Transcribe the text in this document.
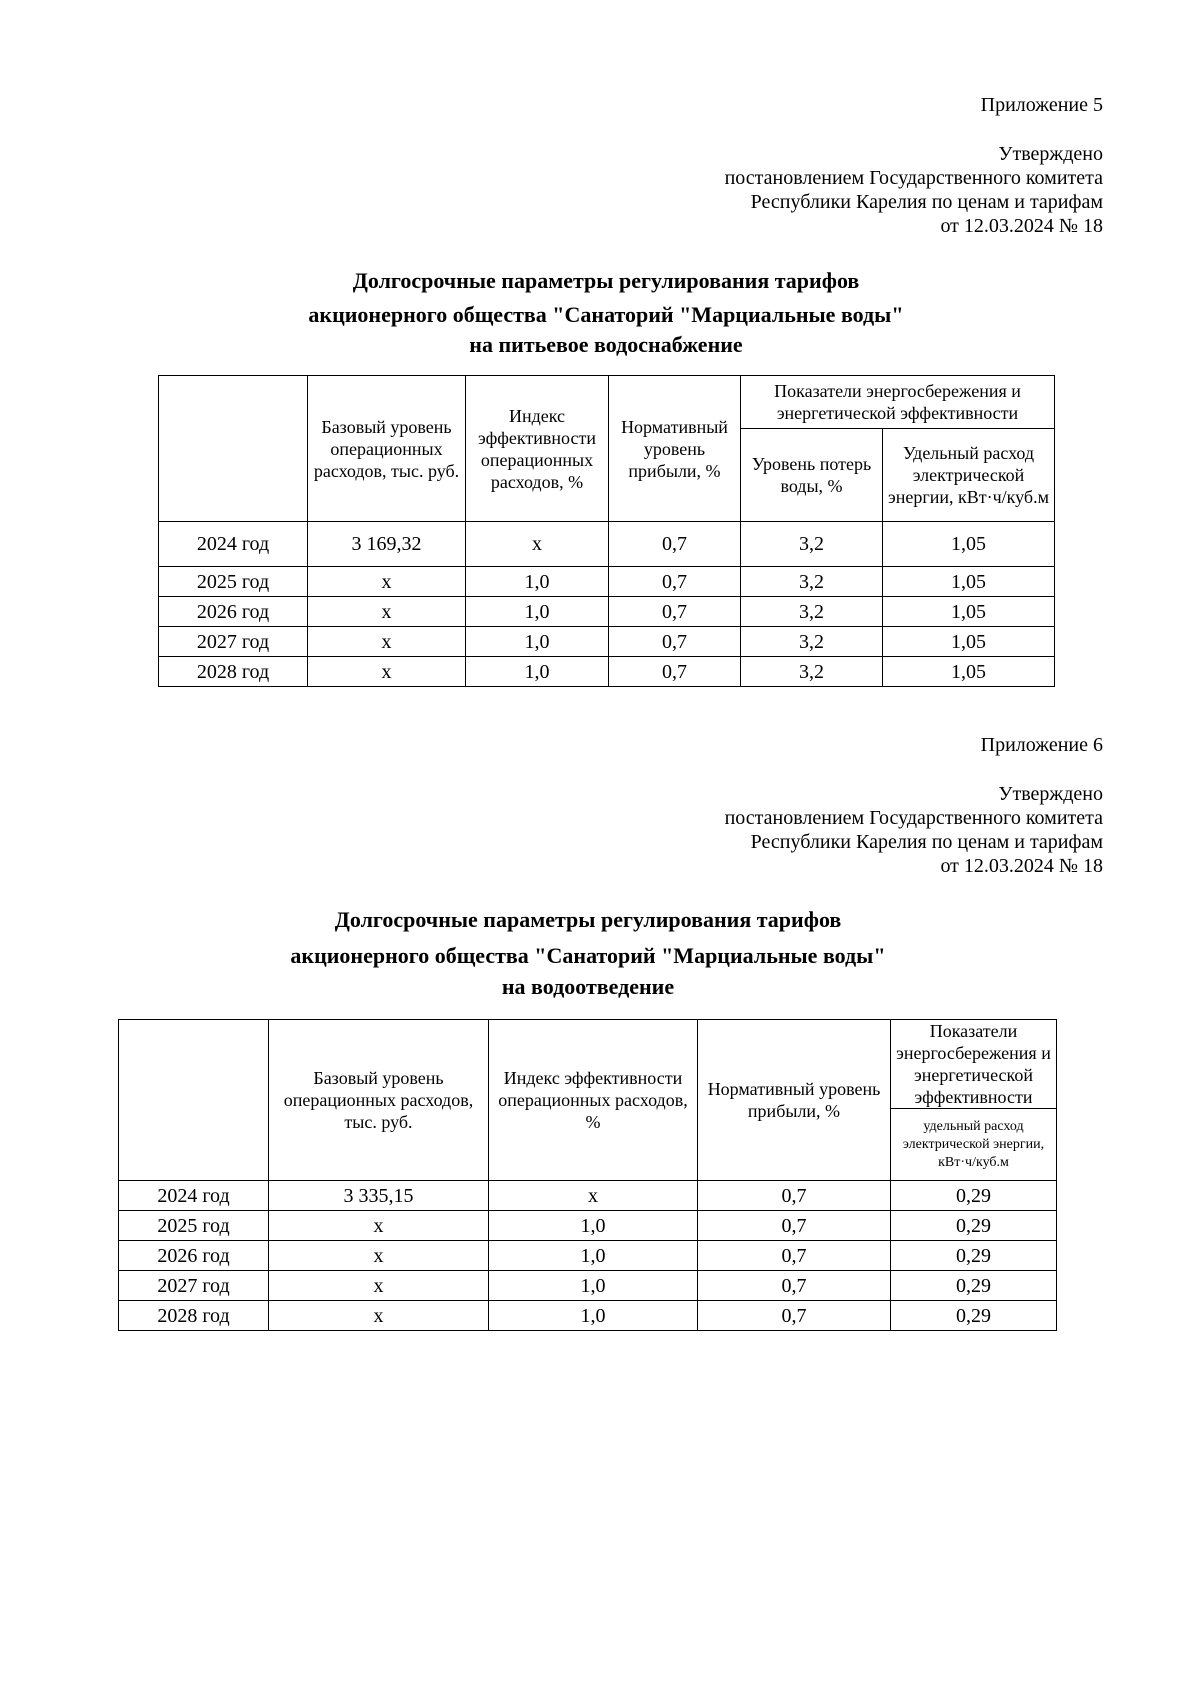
Приложение 5
Утверждено
постановлением Государственного комитета
Республики Карелия по ценам и тарифам
от 12.03.2024 № 18
Долгосрочные параметры регулирования тарифов
акционерного общества "Санаторий "Марциальные воды"
на питьевое водоснабжение
	Базовый уровень операционных расходов, тыс. руб.	Индекс эффективности операционных расходов, %	Нормативный уровень прибыли, %	Показатели энергосбережения и энергетической эффективности	
				Уровень потерь воды, %	Удельный расход электрической энергии, кВт·ч/куб.м
2024 год	3 169,32	х	0,7	3,2	1,05
2025 год	х	1,0	0,7	3,2	1,05
2026 год	х	1,0	0,7	3,2	1,05
2027 год	х	1,0	0,7	3,2	1,05
2028 год	х	1,0	0,7	3,2	1,05
Приложение 6
Утверждено
постановлением Государственного комитета
Республики Карелия по ценам и тарифам
от 12.03.2024 № 18
Долгосрочные параметры регулирования тарифов
акционерного общества "Санаторий "Марциальные воды"
на водоотведение
	Базовый уровень операционных расходов, тыс. руб.	Индекс эффективности операционных расходов, %	Нормативный уровень прибыли, %	Показатели энергосбережения и энергетической эффективности
				удельный расход электрической энергии, кВт·ч/куб.м
2024 год	3 335,15	х	0,7	0,29
2025 год	х	1,0	0,7	0,29
2026 год	х	1,0	0,7	0,29
2027 год	х	1,0	0,7	0,29
2028 год	х	1,0	0,7	0,29
